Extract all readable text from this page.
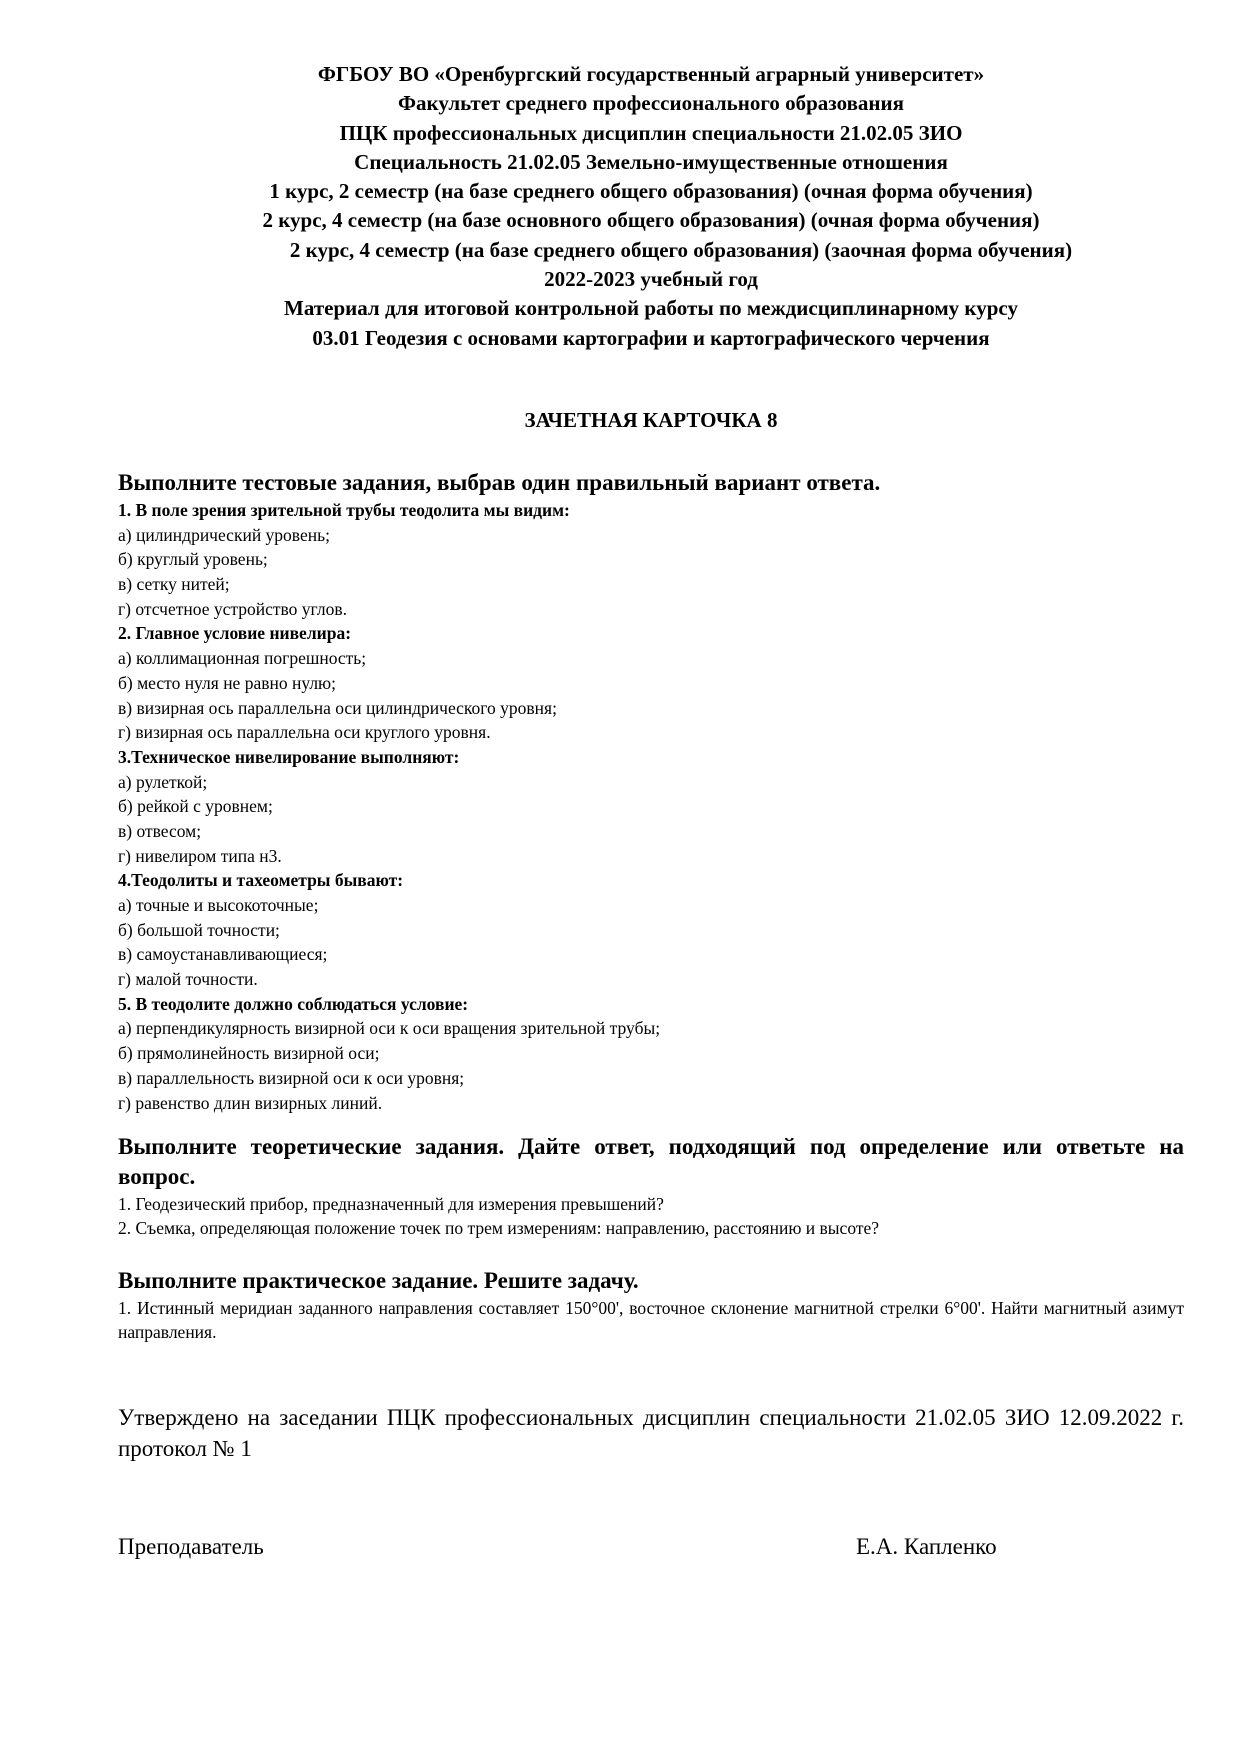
ФГБОУ ВО «Оренбургский государственный аграрный университет»
Факультет среднего профессионального образования
ПЦК профессиональных дисциплин специальности 21.02.05 ЗИО
Специальность 21.02.05 Земельно-имущественные отношения
1 курс, 2 семестр (на базе среднего общего образования) (очная форма обучения)
2 курс, 4 семестр (на базе основного общего образования) (очная форма обучения)
2 курс, 4 семестр (на базе среднего общего образования) (заочная форма обучения)
2022-2023 учебный год
Материал для итоговой контрольной работы по междисциплинарному курсу
03.01 Геодезия с основами картографии и картографического черчения
ЗАЧЕТНАЯ КАРТОЧКА 8
Выполните тестовые задания, выбрав один правильный вариант ответа.
1. В поле зрения зрительной трубы теодолита мы видим:
а) цилиндрический уровень;
б) круглый уровень;
в) сетку нитей;
г) отсчетное устройство углов.
2. Главное условие нивелира:
а) коллимационная погрешность;
б) место нуля не равно нулю;
в) визирная ось параллельна оси цилиндрического уровня;
г) визирная ось параллельна оси круглого уровня.
3.Техническое нивелирование выполняют:
а) рулеткой;
б) рейкой с уровнем;
в) отвесом;
г) нивелиром типа н3.
4.Теодолиты и тахеометры бывают:
а) точные и высокоточные;
б) большой точности;
в) самоустанавливающиеся;
г) малой точности.
5. В теодолите должно соблюдаться условие:
а) перпендикулярность визирной оси к оси вращения зрительной трубы;
б) прямолинейность визирной оси;
в) параллельность визирной оси к оси уровня;
г) равенство длин визирных линий.
Выполните теоретические задания. Дайте ответ, подходящий под определение или ответьте на вопрос.
1. Геодезический прибор, предназначенный для измерения превышений?
2. Съемка, определяющая положение точек по трем измерениям: направлению, расстоянию и высоте?
Выполните практическое задание. Решите задачу.
1. Истинный меридиан заданного направления составляет 150°00', восточное склонение магнитной стрелки 6°00'. Найти магнитный азимут направления.
Утверждено на заседании ПЦК профессиональных дисциплин специальности 21.02.05 ЗИО 12.09.2022 г. протокол № 1
Преподаватель	Е.А. Капленко
